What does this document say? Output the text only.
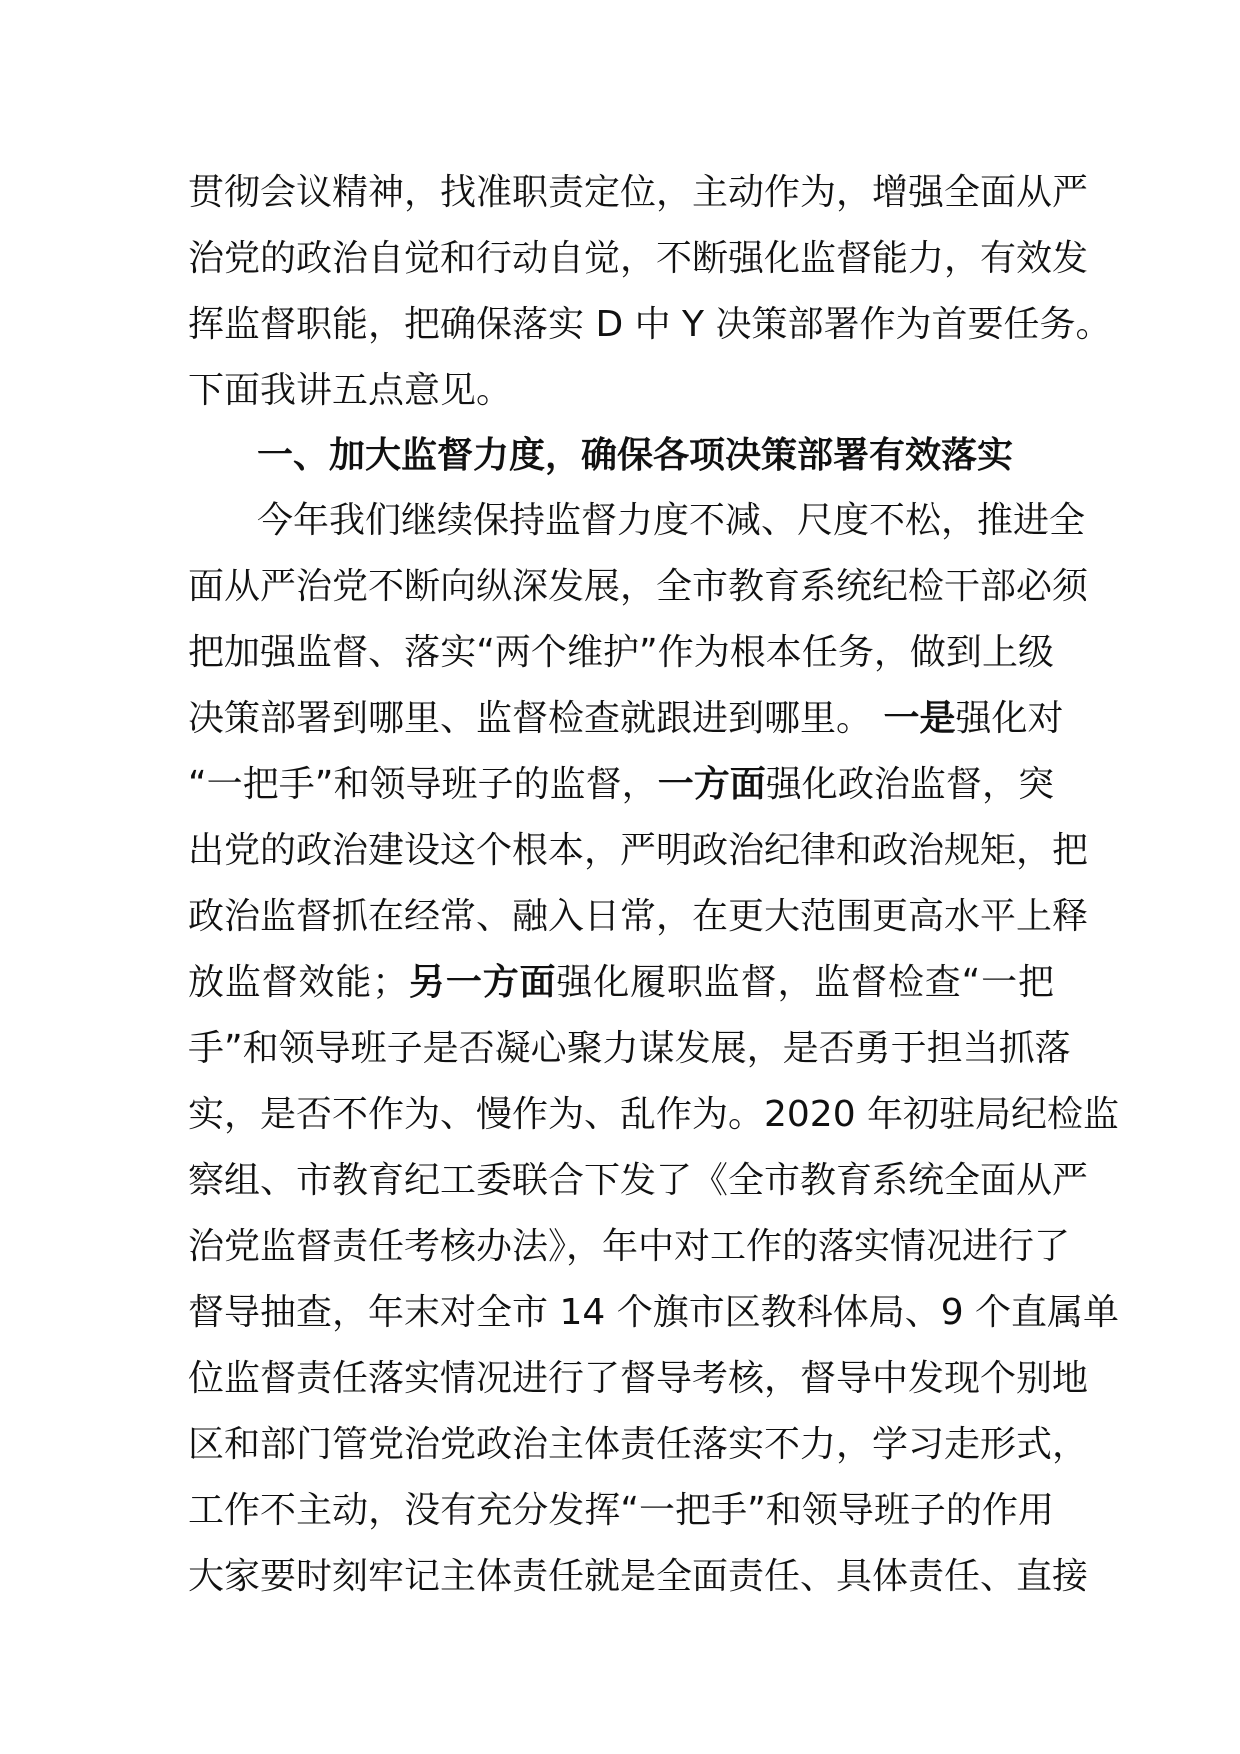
贯彻会议精神，找准职责定位，主动作为，增强全面从严
治党的政治自觉和行动自觉，不断强化监督能力，有效发
挥监督职能，把确保落实 D 中 Y 决策部署作为首要任务。
下面我讲五点意见。
一、加大监督力度，确保各项决策部署有效落实
今年我们继续保持监督力度不减、尺度不松，推进全
面从严治党不断向纵深发展，全市教育系统纪检干部必须
把加强监督、落实“两个维护”作为根本任务，做到上级
决策部署到哪里、监督检查就跟进到哪里。 一是强化对
“一把手”和领导班子的监督，一方面强化政治监督，突
出党的政治建设这个根本，严明政治纪律和政治规矩，把
政治监督抓在经常、融入日常，在更大范围更高水平上释
放监督效能；另一方面强化履职监督，监督检查“一把
手”和领导班子是否凝心聚力谋发展，是否勇于担当抓落
实，是否不作为、慢作为、乱作为。2020 年初驻局纪检监
察组、市教育纪工委联合下发了《全市教育系统全面从严
治党监督责任考核办法》，年中对工作的落实情况进行了
督导抽查，年末对全市 14 个旗市区教科体局、9 个直属单
位监督责任落实情况进行了督导考核，督导中发现个别地
区和部门管党治党政治主体责任落实不力，学习走形式，
工作不主动，没有充分发挥“一把手”和领导班子的作用
大家要时刻牢记主体责任就是全面责任、具体责任、直接
